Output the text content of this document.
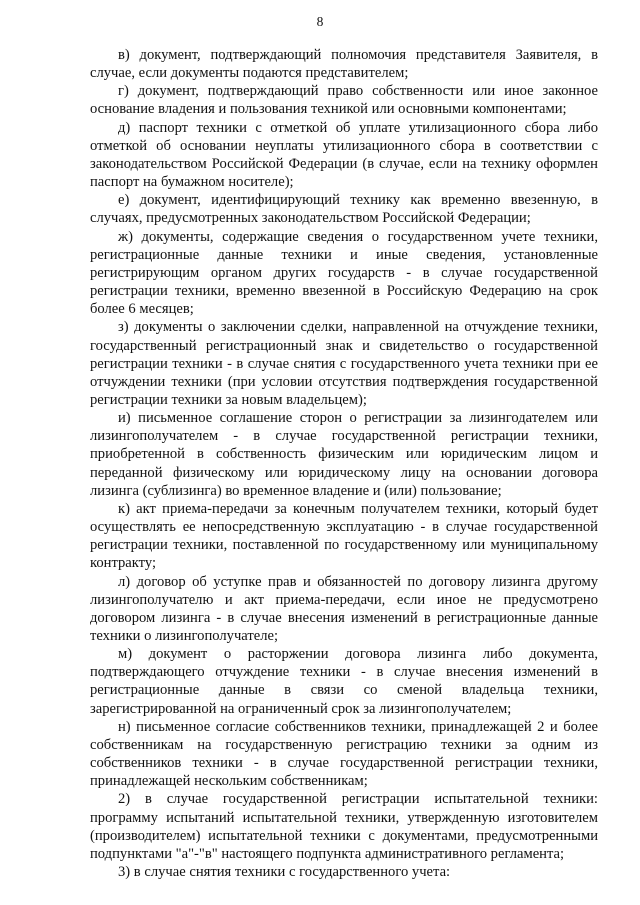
8

в) документ, подтверждающий полномочия представителя Заявителя, в случае, если документы подаются представителем;

г) документ, подтверждающий право собственности или иное законное основание владения и пользования техникой или основными компонентами;

д) паспорт техники с отметкой об уплате утилизационного сбора либо отметкой об основании неуплаты утилизационного сбора в соответствии с законодательством Российской Федерации (в случае, если на технику оформлен паспорт на бумажном носителе);

е) документ, идентифицирующий технику как временно ввезенную, в случаях, предусмотренных законодательством Российской Федерации;

ж) документы, содержащие сведения о государственном учете техники, регистрационные данные техники и иные сведения, установленные регистрирующим органом других государств - в случае государственной регистрации техники, временно ввезенной в Российскую Федерацию на срок более 6 месяцев;

з) документы о заключении сделки, направленной на отчуждение техники, государственный регистрационный знак и свидетельство о государственной регистрации техники - в случае снятия с государственного учета техники при ее отчуждении техники (при условии отсутствия подтверждения государственной регистрации техники за новым владельцем);

и) письменное соглашение сторон о регистрации за лизингодателем или лизингополучателем - в случае государственной регистрации техники, приобретенной в собственность физическим или юридическим лицом и переданной физическому или юридическому лицу на основании договора лизинга (сублизинга) во временное владение и (или) пользование;

к) акт приема-передачи за конечным получателем техники, который будет осуществлять ее непосредственную эксплуатацию - в случае государственной регистрации техники, поставленной по государственному или муниципальному контракту;

л) договор об уступке прав и обязанностей по договору лизинга другому лизингополучателю и акт приема-передачи, если иное не предусмотрено договором лизинга - в случае внесения изменений в регистрационные данные техники о лизингополучателе;

м) документ о расторжении договора лизинга либо документа, подтверждающего отчуждение техники - в случае внесения изменений в регистрационные данные в связи со сменой владельца техники, зарегистрированной на ограниченный срок за лизингополучателем;

н) письменное согласие собственников техники, принадлежащей 2 и более собственникам на государственную регистрацию техники за одним из собственников техники - в случае государственной регистрации техники, принадлежащей нескольким собственникам;

2) в случае государственной регистрации испытательной техники: программу испытаний испытательной техники, утвержденную изготовителем (производителем) испытательной техники с документами, предусмотренными подпунктами "а"-"в" настоящего подпункта административного регламента;

3) в случае снятия техники с государственного учета:
